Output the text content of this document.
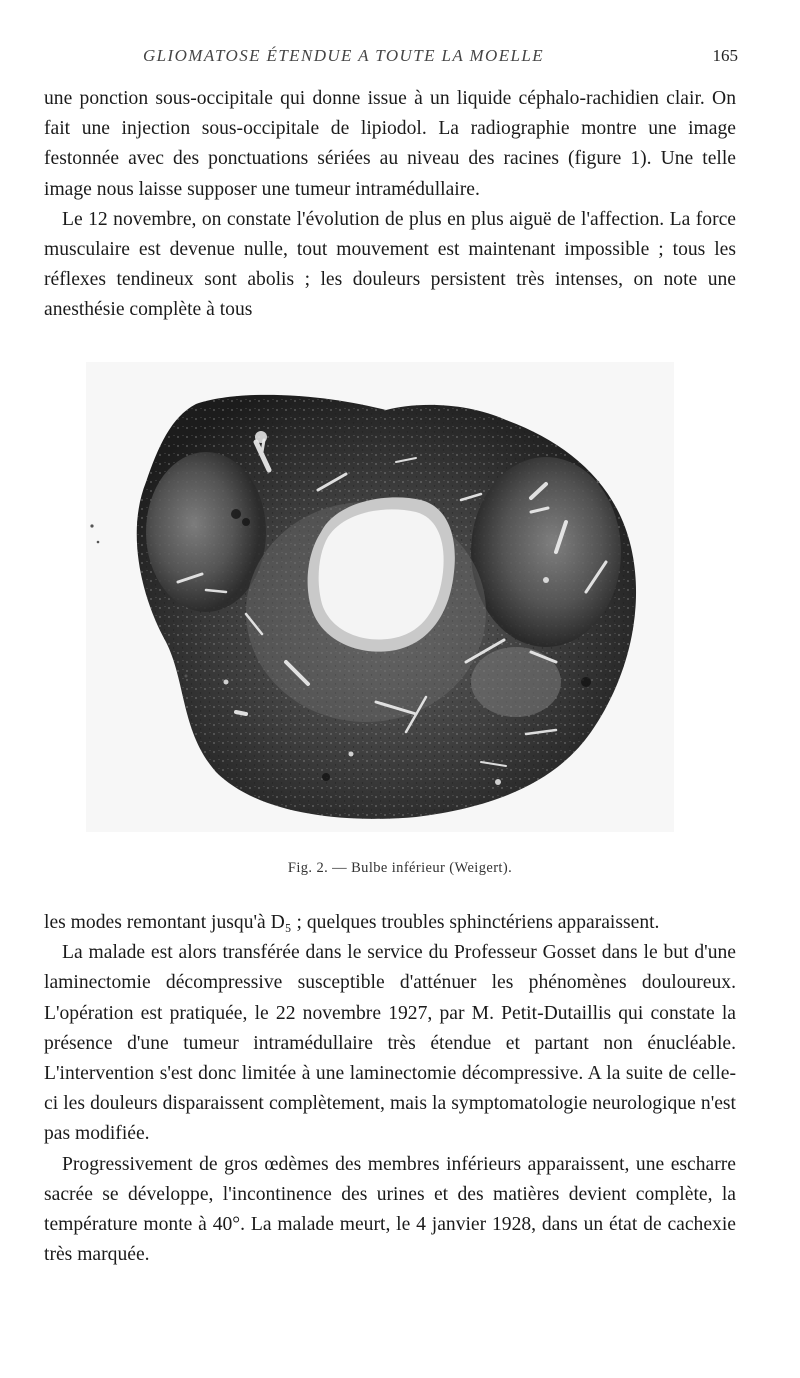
GLIOMATOSE ÉTENDUE A TOUTE LA MOELLE	165

une ponction sous-occipitale qui donne issue à un liquide céphalo-rachidien clair. On fait une injection sous-occipitale de lipiodol. La radiographie montre une image festonnée avec des ponctuations sériées au niveau des racines (figure 1). Une telle image nous laisse supposer une tumeur intramédullaire.

Le 12 novembre, on constate l'évolution de plus en plus aiguë de l'affection. La force musculaire est devenue nulle, tout mouvement est maintenant impossible ; tous les réflexes tendineux sont abolis ; les douleurs persistent très intenses, on note une anesthésie complète à tous

Fig. 2. — Bulbe inférieur (Weigert).

les modes remontant jusqu'à D₅ ; quelques troubles sphinctériens apparaissent.

La malade est alors transférée dans le service du Professeur Gosset dans le but d'une laminectomie décompressive susceptible d'atténuer les phénomènes douloureux. L'opération est pratiquée, le 22 novembre 1927, par M. Petit-Dutaillis qui constate la présence d'une tumeur intramédullaire très étendue et partant non énucléable. L'intervention s'est donc limitée à une laminectomie décompressive. A la suite de celle-ci les douleurs disparaissent complètement, mais la symptomatologie neurologique n'est pas modifiée.

Progressivement de gros œdèmes des membres inférieurs apparaissent, une escharre sacrée se développe, l'incontinence des urines et des matières devient complète, la température monte à 40°. La malade meurt, le 4 janvier 1928, dans un état de cachexie très marquée.
